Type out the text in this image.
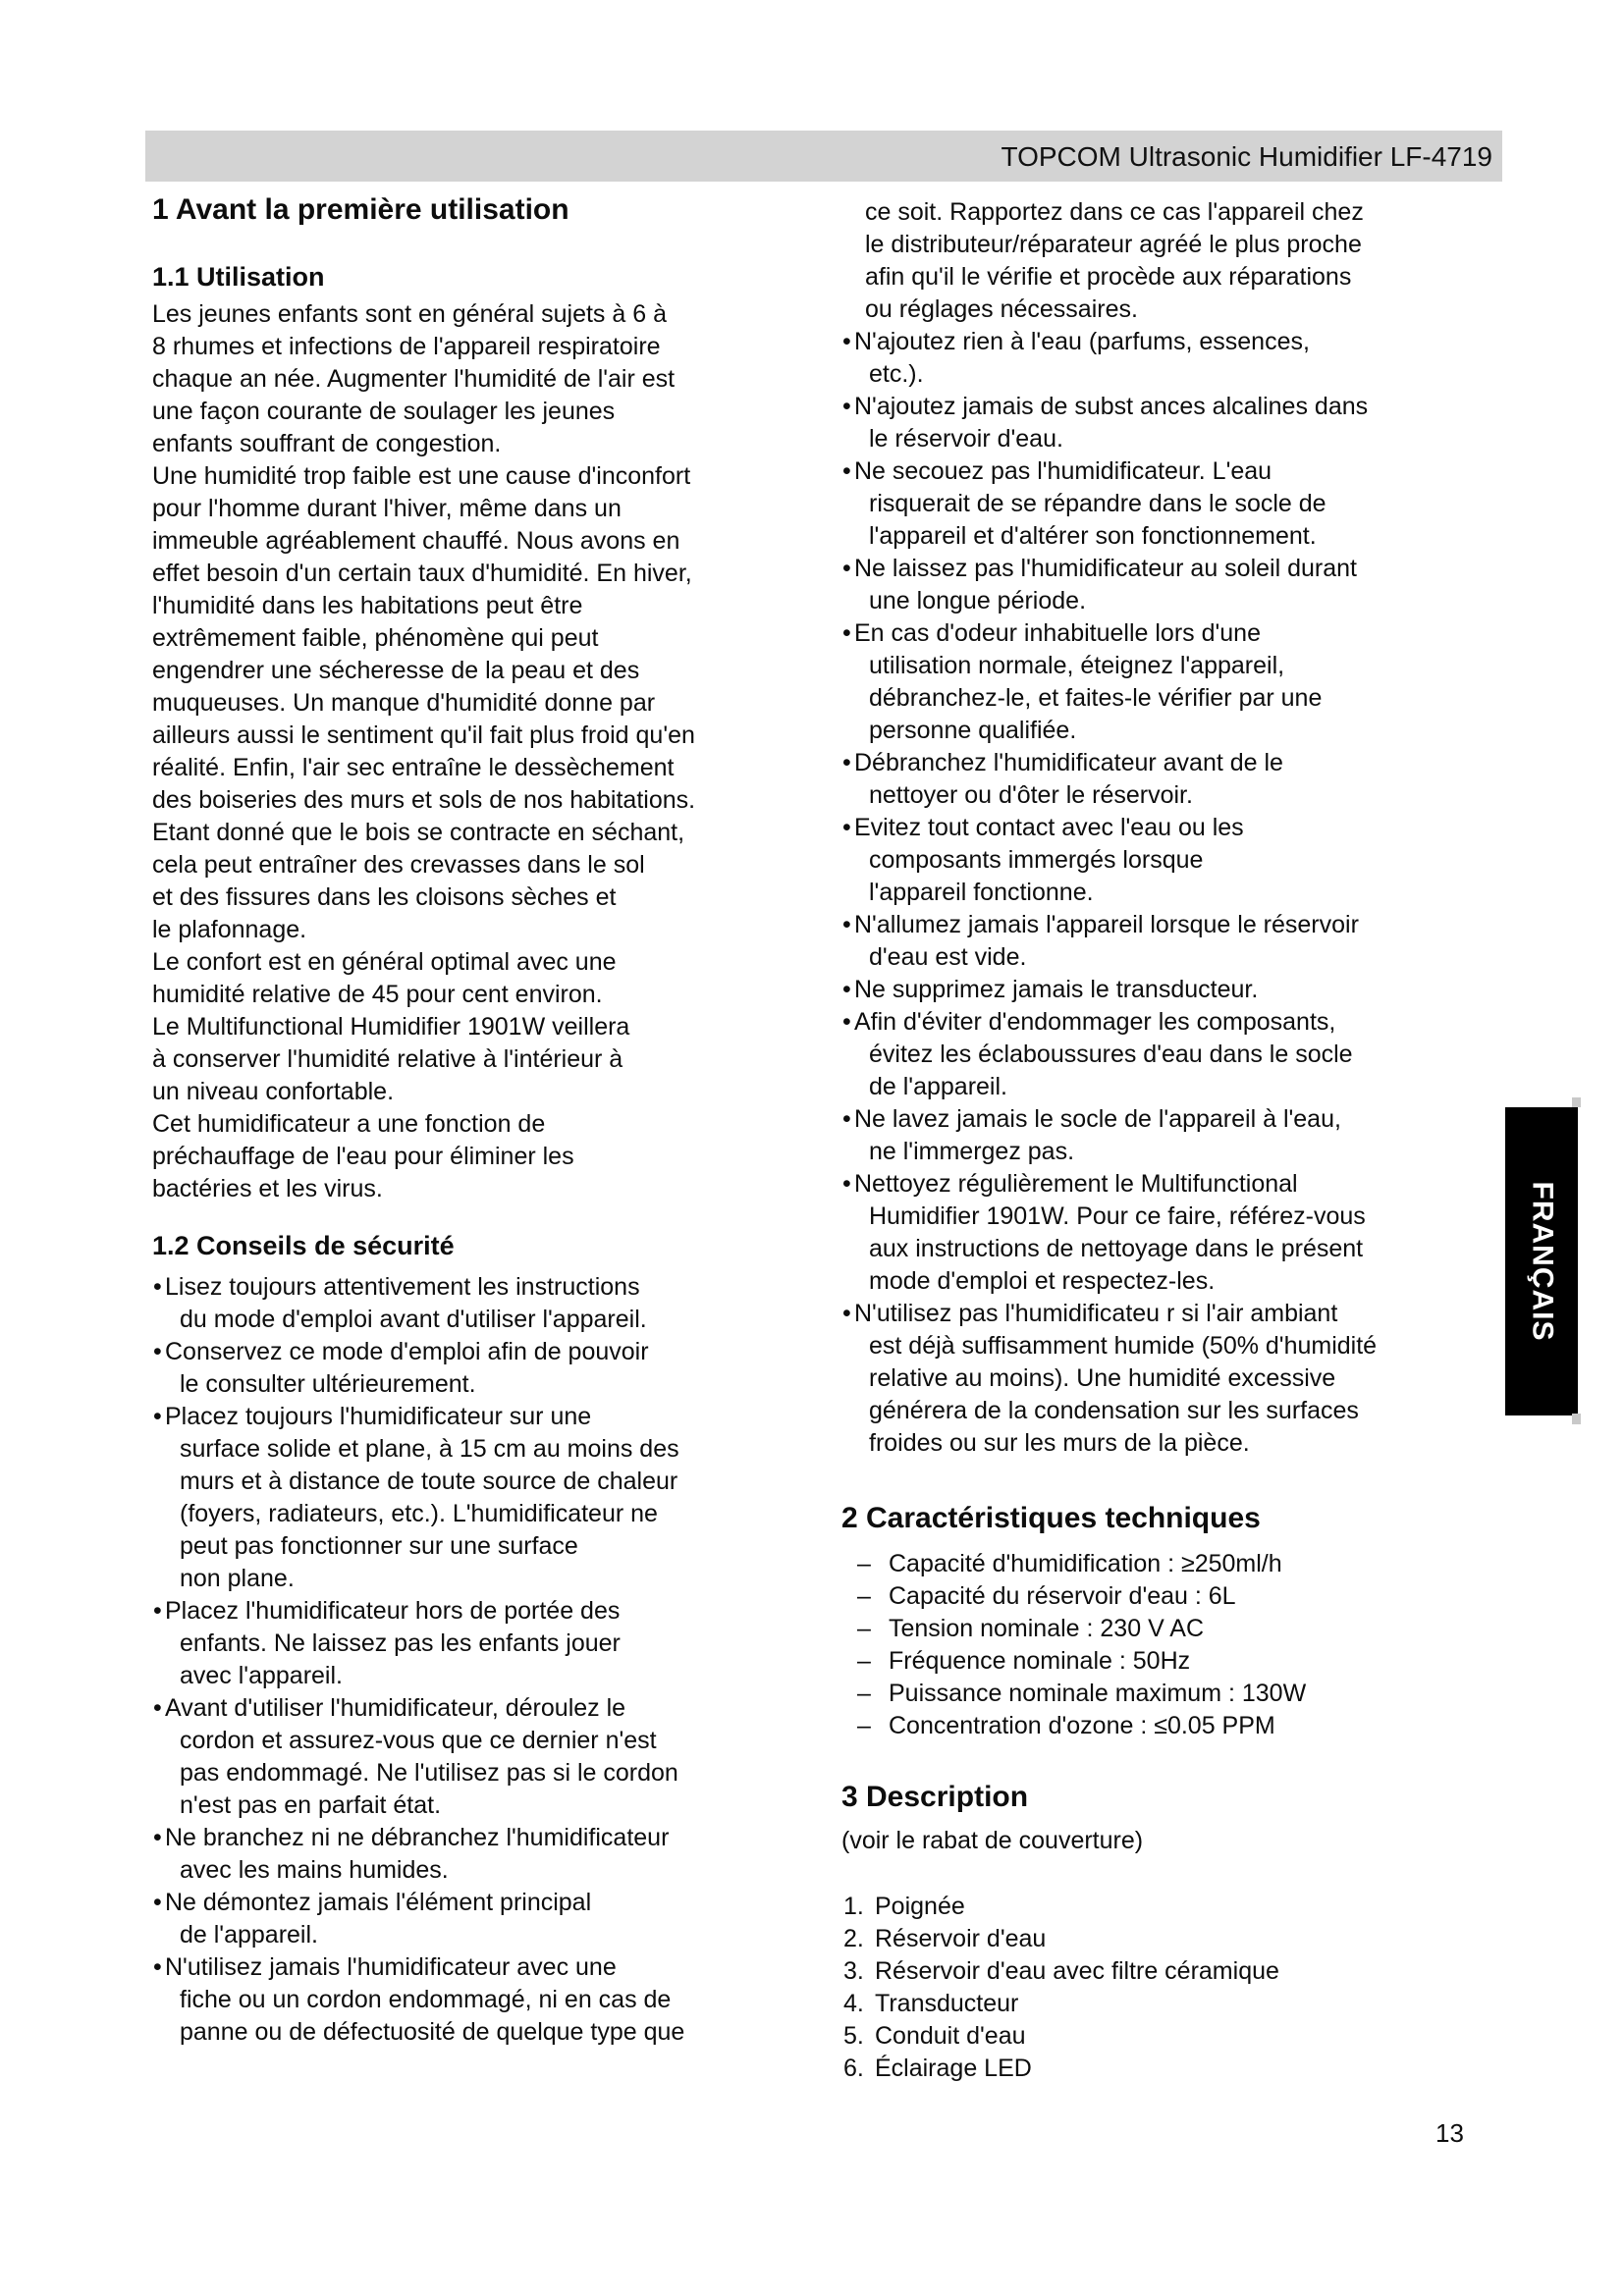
TOPCOM Ultrasonic Humidifier LF-4719
1 Avant la première utilisation
1.1 Utilisation
Les jeunes enfants sont en général sujets à 6 à
8 rhumes et infections de l'appareil respiratoire
chaque an née. Augmenter l'humidité de l'air est
une façon courante de soulager les jeunes
enfants souffrant de congestion.
Une humidité trop faible est une cause d'inconfort
pour l'homme durant l'hiver, même dans un
immeuble agréablement chauffé. Nous avons en
effet besoin d'un certain taux d'humidité. En hiver,
l'humidité dans les habitations peut être
extrêmement faible, phénomène qui peut
engendrer une sécheresse de la peau et des
muqueuses. Un manque d'humidité donne par
ailleurs aussi le sentiment qu'il fait plus froid qu'en
réalité. Enfin, l'air sec entraîne le dessèchement
des boiseries des murs et sols de nos habitations.
Etant donné que le bois se contracte en séchant,
cela peut entraîner des crevasses dans le sol
et des fissures dans les cloisons sèches et
le plafonnage.
Le confort est en général optimal avec une
humidité relative de 45 pour cent environ.
Le Multifunctional Humidifier 1901W veillera
à conserver l'humidité relative à l'intérieur à
un niveau confortable.
Cet humidificateur a une fonction de
préchauffage de l'eau pour éliminer les
bactéries et les virus.
1.2 Conseils de sécurité
• Lisez toujours attentivement les instructions
du mode d'emploi avant d'utiliser l'appareil.
• Conservez ce mode d'emploi afin de pouvoir
le consulter ultérieurement.
• Placez toujours l'humidificateur sur une
surface solide et plane, à 15 cm au moins des
murs et à distance de toute source de chaleur
(foyers, radiateurs, etc.). L'humidificateur ne
peut pas fonctionner sur une surface
non plane.
• Placez l'humidificateur hors de portée des
enfants. Ne laissez pas les enfants jouer
avec l'appareil.
• Avant d'utiliser l'humidificateur, déroulez le
cordon et assurez-vous que ce dernier n'est
pas endommagé. Ne l'utilisez pas si le cordon
n'est pas en parfait état.
• Ne branchez ni ne débranchez l'humidificateur
avec les mains humides.
• Ne démontez jamais l'élément principal
de l'appareil.
• N'utilisez jamais l'humidificateur avec une
fiche ou un cordon endommagé, ni en cas de
panne ou de défectuosité de quelque type que
ce soit. Rapportez dans ce cas l'appareil chez
le distributeur/réparateur agréé le plus proche
afin qu'il le vérifie et procède aux réparations
ou réglages nécessaires.
• N'ajoutez rien à l'eau (parfums, essences,
etc.).
• N'ajoutez jamais de subst ances alcalines dans
le réservoir d'eau.
• Ne secouez pas l'humidificateur. L'eau
risquerait de se répandre dans le socle de
l'appareil et d'altérer son fonctionnement.
• Ne laissez pas l'humidificateur au soleil durant
une longue période.
• En cas d'odeur inhabituelle lors d'une
utilisation normale, éteignez l'appareil,
débranchez-le, et faites-le vérifier par une
personne qualifiée.
• Débranchez l'humidificateur avant de le
nettoyer ou d'ôter le réservoir.
• Evitez tout contact avec l'eau ou les
composants immergés lorsque
l'appareil fonctionne.
• N'allumez jamais l'appareil lorsque le réservoir
d'eau est vide.
• Ne supprimez jamais le transducteur.
• Afin d'éviter d'endommager les composants,
évitez les éclaboussures d'eau dans le socle
de l'appareil.
• Ne lavez jamais le socle de l'appareil à l'eau,
ne l'immergez pas.
• Nettoyez régulièrement le Multifunctional
Humidifier 1901W. Pour ce faire, référez-vous
aux instructions de nettoyage dans le présent
mode d'emploi et respectez-les.
• N'utilisez pas l'humidificateu r si l'air ambiant
est déjà suffisamment humide (50% d'humidité
relative au moins). Une humidité excessive
générera de la condensation sur les surfaces
froides ou sur les murs de la pièce.
2 Caractéristiques techniques
– Capacité d'humidification : ≥250ml/h
– Capacité du réservoir d'eau : 6L
– Tension nominale : 230 V AC
– Fréquence nominale : 50Hz
– Puissance nominale maximum : 130W
– Concentration d'ozone : ≤0.05 PPM
3 Description
(voir le rabat de couverture)
1. Poignée
2. Réservoir d'eau
3. Réservoir d'eau avec filtre céramique
4. Transducteur
5. Conduit d'eau
6. Éclairage LED
FRANÇAIS
13
